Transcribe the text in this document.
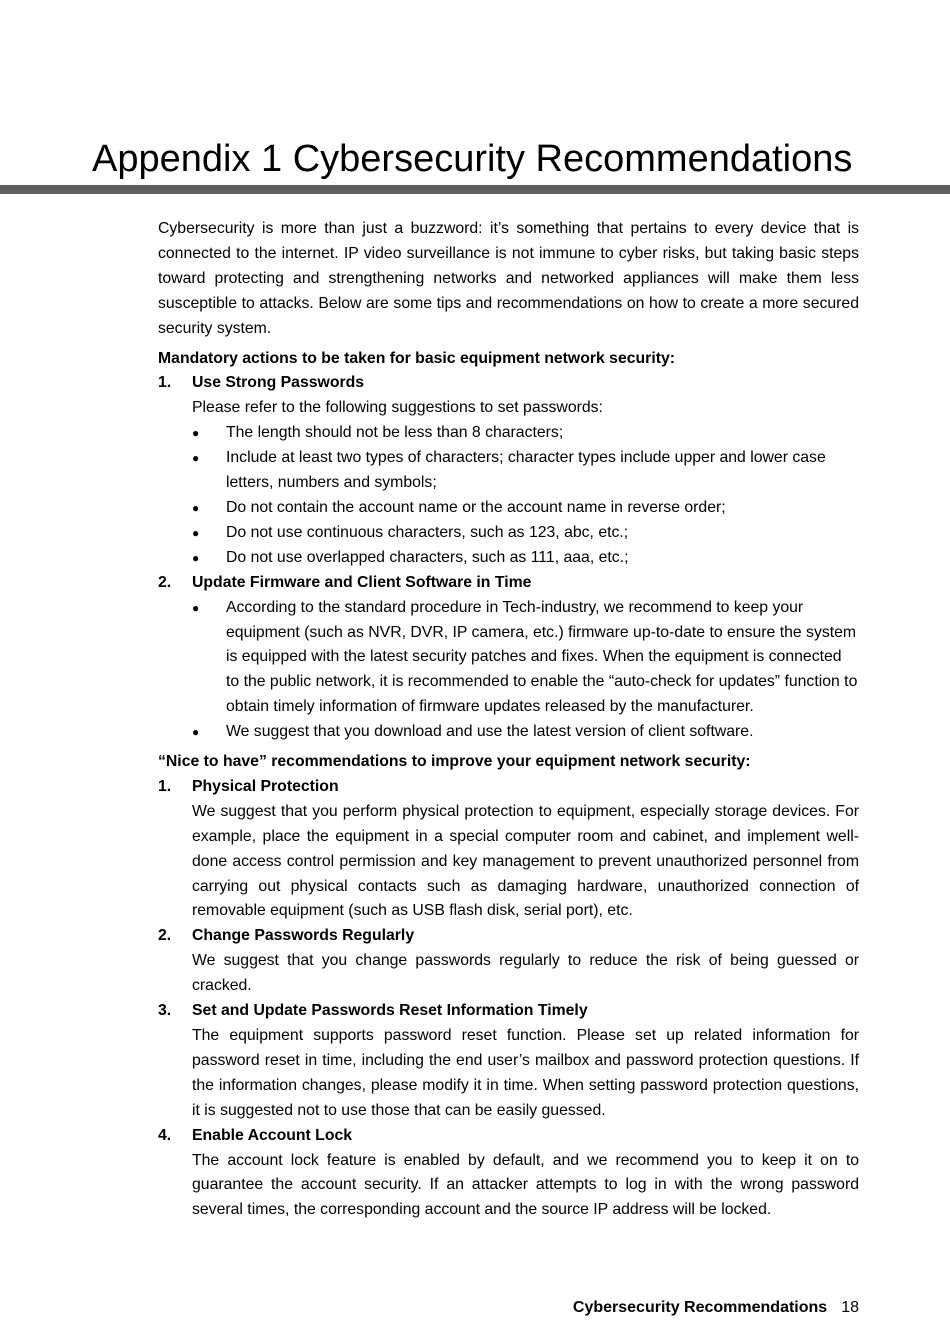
Appendix 1 Cybersecurity Recommendations

Cybersecurity is more than just a buzzword: it’s something that pertains to every device that is connected to the internet. IP video surveillance is not immune to cyber risks, but taking basic steps toward protecting and strengthening networks and networked appliances will make them less susceptible to attacks. Below are some tips and recommendations on how to create a more secured security system.

Mandatory actions to be taken for basic equipment network security:

1. Use Strong Passwords

Please refer to the following suggestions to set passwords:

● The length should not be less than 8 characters;
● Include at least two types of characters; character types include upper and lower case letters, numbers and symbols;
● Do not contain the account name or the account name in reverse order;
● Do not use continuous characters, such as 123, abc, etc.;
● Do not use overlapped characters, such as 111, aaa, etc.;
2. Update Firmware and Client Software in Time

● According to the standard procedure in Tech-industry, we recommend to keep your equipment (such as NVR, DVR, IP camera, etc.) firmware up-to-date to ensure the system is equipped with the latest security patches and fixes. When the equipment is connected to the public network, it is recommended to enable the “auto-check for updates” function to obtain timely information of firmware updates released by the manufacturer.
● We suggest that you download and use the latest version of client software.

“Nice to have” recommendations to improve your equipment network security:

1. Physical Protection

We suggest that you perform physical protection to equipment, especially storage devices. For example, place the equipment in a special computer room and cabinet, and implement well-done access control permission and key management to prevent unauthorized personnel from carrying out physical contacts such as damaging hardware, unauthorized connection of removable equipment (such as USB flash disk, serial port), etc.

2. Change Passwords Regularly

We suggest that you change passwords regularly to reduce the risk of being guessed or cracked.

3. Set and Update Passwords Reset Information Timely

The equipment supports password reset function. Please set up related information for password reset in time, including the end user’s mailbox and password protection questions. If the information changes, please modify it in time. When setting password protection questions, it is suggested not to use those that can be easily guessed.

4. Enable Account Lock

The account lock feature is enabled by default, and we recommend you to keep it on to guarantee the account security. If an attacker attempts to log in with the wrong password several times, the corresponding account and the source IP address will be locked.

Cybersecurity Recommendations 18
